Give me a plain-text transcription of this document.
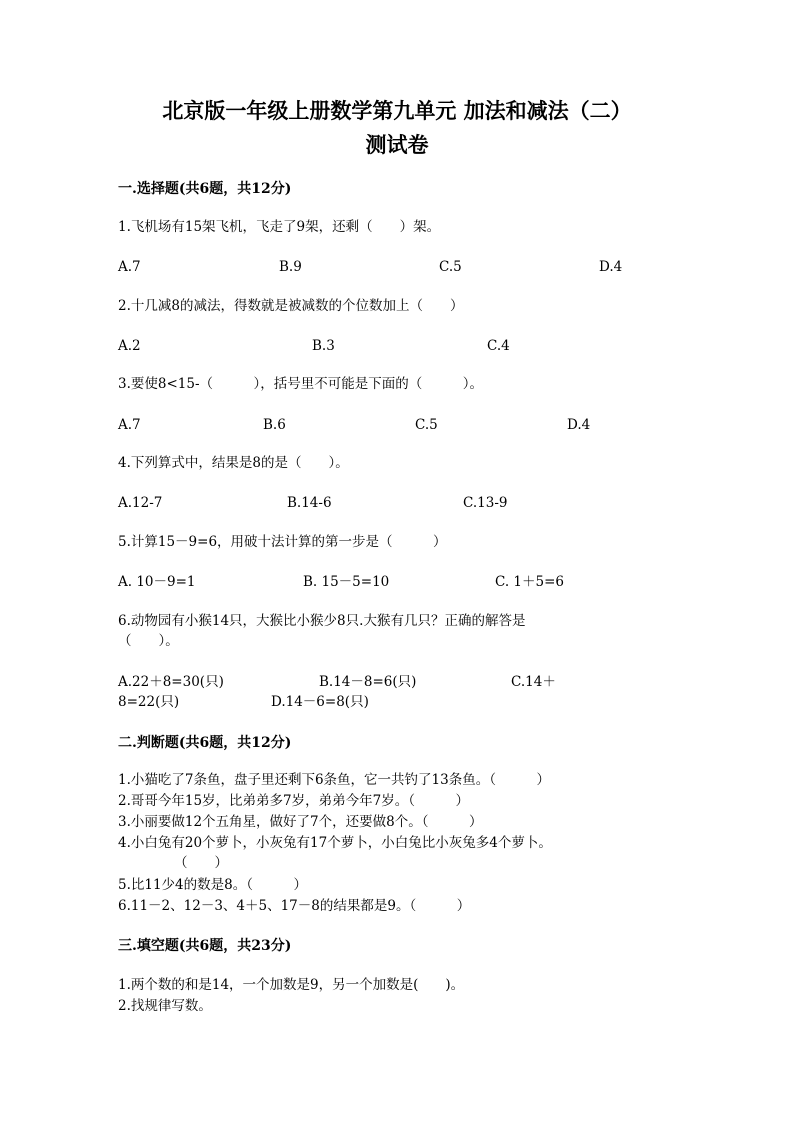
北京版一年级上册数学第九单元 加法和减法（二）
测试卷
一.选择题(共6题，共12分)
1.飞机场有15架飞机，飞走了9架，还剩（　　）架。
A.7	B.9	C.5	D.4
2.十几减8的减法，得数就是被减数的个位数加上（　　）
A.2	B.3	C.4
3.要使8<15-（　　　），括号里不可能是下面的（　　　）。
A.7	B.6	C.5	D.4
4.下列算式中，结果是8的是（　　）。
A.12-7	B.14-6	C.13-9
5.计算15－9=6，用破十法计算的第一步是（　　　）
A. 10－9=1	B. 15－5=10	C. 1＋5=6
6.动物园有小猴14只，大猴比小猴少8只.大猴有几只？正确的解答是
（　　）。
A.22＋8=30(只)	B.14－8=6(只)	C.14＋
8=22(只)	D.14－6=8(只)
二.判断题(共6题，共12分)
1.小猫吃了7条鱼，盘子里还剩下6条鱼，它一共钓了13条鱼。（　　　）
2.哥哥今年15岁，比弟弟多7岁，弟弟今年7岁。（　　　）
3.小丽要做12个五角星，做好了7个，还要做8个。（　　　）
4.小白兔有20个萝卜，小灰兔有17个萝卜，小白兔比小灰兔多4个萝卜。
（　　）
5.比11少4的数是8。（　　　）
6.11－2、12－3、4＋5、17－8的结果都是9。（　　　）
三.填空题(共6题，共23分)
1.两个数的和是14，一个加数是9，另一个加数是(　　)。
2.找规律写数。
